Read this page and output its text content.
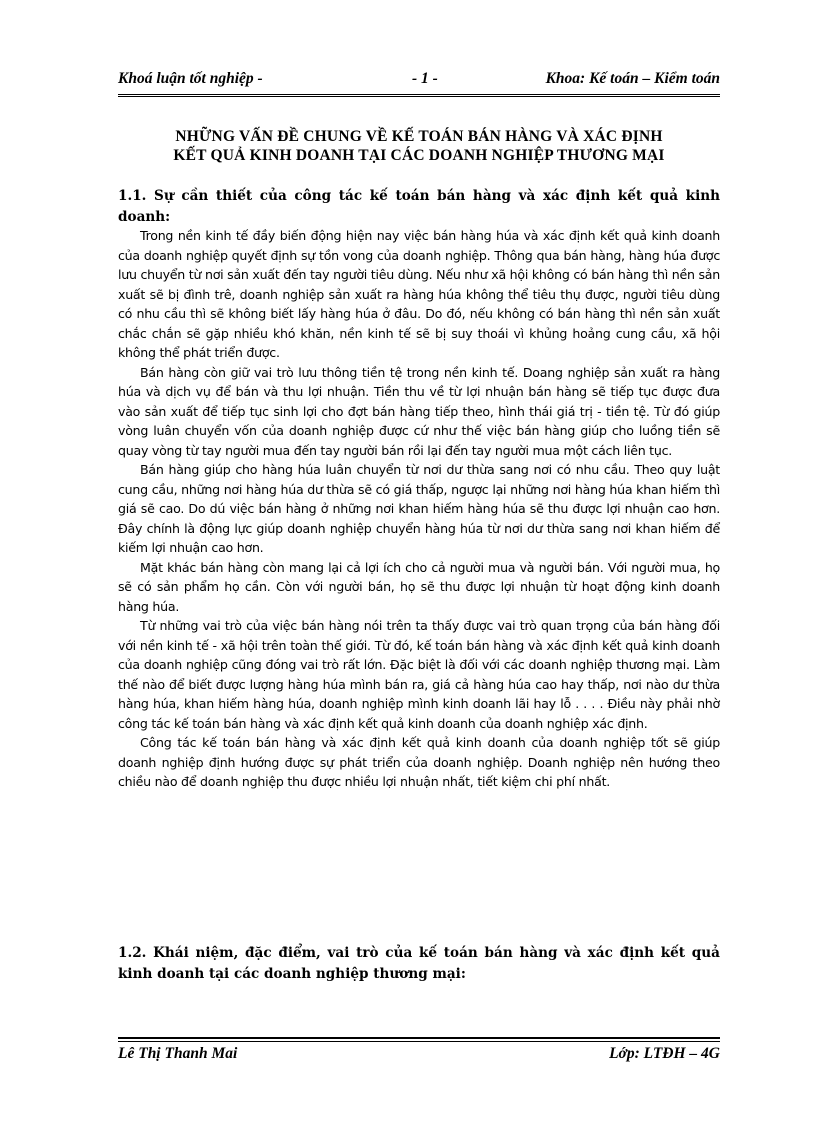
Khoá luận tốt nghiệp -	- 1 -	Khoa: Kế toán – Kiểm toán
NHỮNG VẤN ĐỀ CHUNG VỀ KẾ TOÁN BÁN HÀNG VÀ XÁC ĐỊNH
KẾT QUẢ KINH DOANH TẠI CÁC DOANH NGHIỆP THƯƠNG MẠI
1.1. Sự cần thiết của công tác kế toán bán hàng và xác định kết quả kinh doanh:

Trong nền kinh tế đầy biến động hiện nay việc bán hàng húa và xác định kết quả kinh doanh của doanh nghiệp quyết định sự tồn vong của doanh nghiệp. Thông qua bán hàng, hàng húa được lưu chuyển từ nơi sản xuất đến tay người tiêu dùng. Nếu như xã hội không có bán hàng thì nền sản xuất sẽ bị đình trê, doanh nghiệp sản xuất ra hàng húa không thể tiêu thụ được, người tiêu dùng có nhu cầu thì sẽ không biết lấy hàng húa ở đâu. Do đó, nếu không có bán hàng thì nền sản xuất chắc chắn sẽ gặp nhiều khó khăn, nền kinh tế sẽ bị suy thoái vì khủng hoảng cung cầu, xã hội không thể phát triển được.

Bán hàng còn giữ vai trò lưu thông tiền tệ trong nền kinh tế. Doang nghiệp sản xuất ra hàng húa và dịch vụ để bán và thu lợi nhuận. Tiền thu về từ lợi nhuận bán hàng sẽ tiếp tục được đưa vào sản xuất để tiếp tục sinh lợi cho đợt bán hàng tiếp theo, hình thái giá trị - tiền tệ. Từ đó giúp vòng luân chuyển vốn của doanh nghiệp được cứ như thế việc bán hàng giúp cho luồng tiền sẽ quay vòng từ tay người mua đến tay người bán rồi lại đến tay người mua một cách liên tục.

Bán hàng giúp cho hàng húa luân chuyển từ nơi dư thừa sang nơi có nhu cầu. Theo quy luật cung cầu, những nơi hàng húa dư thừa sẽ có giá thấp, ngược lại những nơi hàng húa khan hiếm thì giá sẽ cao. Do dú việc bán hàng ở những nơi khan hiếm hàng húa sẽ thu được lợi nhuận cao hơn. Đây chính là động lực giúp doanh nghiệp chuyển hàng húa từ nơi dư thừa sang nơi khan hiếm để kiếm lợi nhuận cao hơn.

Mặt khác bán hàng còn mang lại cả lợi ích cho cả người mua và người bán. Với người mua, họ sẽ có sản phẩm họ cần. Còn với người bán, họ sẽ thu được lợi nhuận từ hoạt động kinh doanh hàng húa.

Từ những vai trò của việc bán hàng nói trên ta thấy được vai trò quan trọng của bán hàng đối với nền kinh tế - xã hội trên toàn thế giới. Từ đó, kế toán bán hàng và xác định kết quả kinh doanh của doanh nghiệp cũng đóng vai trò rất lớn. Đặc biệt là đối với các doanh nghiệp thương mại. Làm thế nào để biết được lượng hàng húa mình bán ra, giá cả hàng húa cao hay thấp, nơi nào dư thừa hàng húa, khan hiếm hàng húa, doanh nghiệp mình kinh doanh lãi hay lỗ . . . . Điều này phải nhờ công tác kế toán bán hàng và xác định kết quả kinh doanh của doanh nghiệp xác định.

Công tác kế toán bán hàng và xác định kết quả kinh doanh của doanh nghiệp tốt sẽ giúp doanh nghiệp định hướng được sự phát triển của doanh nghiệp. Doanh nghiệp nên hướng theo chiều nào để doanh nghiệp thu được nhiều lợi nhuận nhất, tiết kiệm chi phí nhất.

1.2. Khái niệm, đặc điểm, vai trò của kế toán bán hàng và xác định kết quả kinh doanh tại các doanh nghiệp thương mại:
Lê Thị Thanh Mai	Lớp: LTĐH – 4G
